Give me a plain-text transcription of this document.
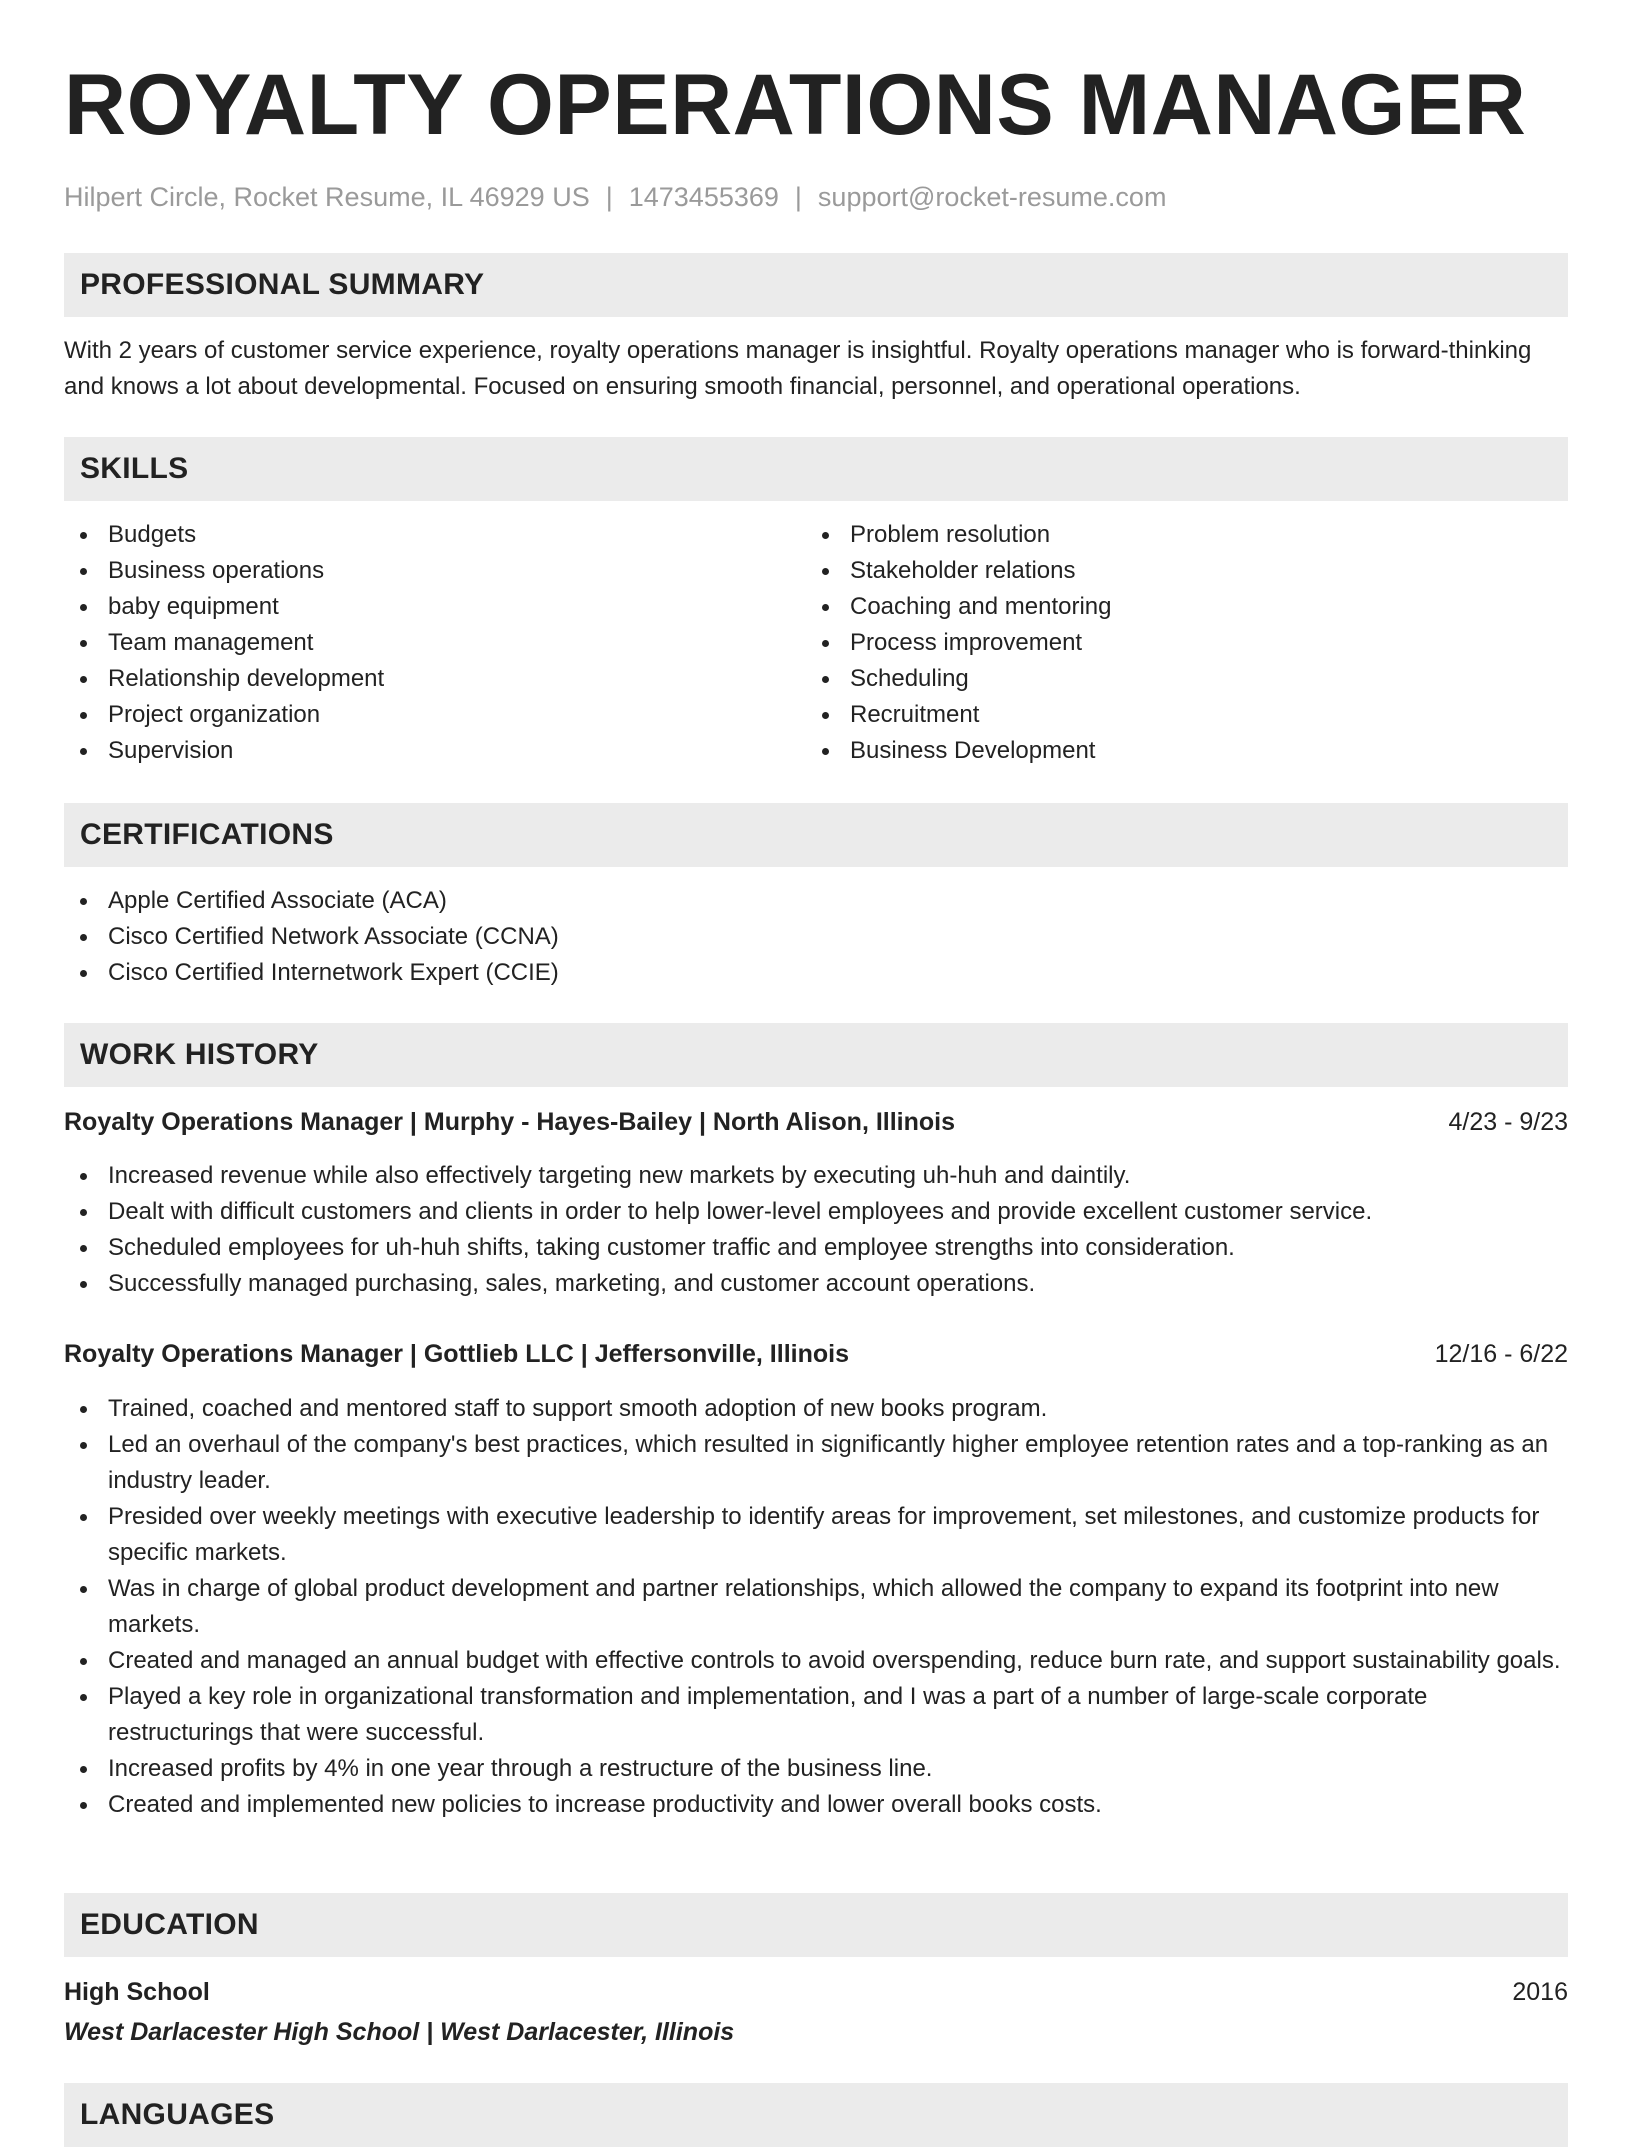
ROYALTY OPERATIONS MANAGER
Hilpert Circle, Rocket Resume, IL 46929 US | 1473455369 | support@rocket-resume.com
PROFESSIONAL SUMMARY

With 2 years of customer service experience, royalty operations manager is insightful. Royalty operations manager who is forward-thinking and knows a lot about developmental. Focused on ensuring smooth financial, personnel, and operational operations.

SKILLS
Budgets
Business operations
baby equipment
Team management
Relationship development
Project organization
Supervision
Problem resolution
Stakeholder relations
Coaching and mentoring
Process improvement
Scheduling
Recruitment
Business Development
CERTIFICATIONS
Apple Certified Associate (ACA)
Cisco Certified Network Associate (CCNA)
Cisco Certified Internetwork Expert (CCIE)
WORK HISTORY
Royalty Operations Manager | Murphy - Hayes-Bailey | North Alison, Illinois	4/23 - 9/23
Increased revenue while also effectively targeting new markets by executing uh-huh and daintily.
Dealt with difficult customers and clients in order to help lower-level employees and provide excellent customer service.
Scheduled employees for uh-huh shifts, taking customer traffic and employee strengths into consideration.
Successfully managed purchasing, sales, marketing, and customer account operations.
Royalty Operations Manager | Gottlieb LLC | Jeffersonville, Illinois	12/16 - 6/22
Trained, coached and mentored staff to support smooth adoption of new books program.
Led an overhaul of the company's best practices, which resulted in significantly higher employee retention rates and a top-ranking as an industry leader.
Presided over weekly meetings with executive leadership to identify areas for improvement, set milestones, and customize products for specific markets.
Was in charge of global product development and partner relationships, which allowed the company to expand its footprint into new markets.
Created and managed an annual budget with effective controls to avoid overspending, reduce burn rate, and support sustainability goals.
Played a key role in organizational transformation and implementation, and I was a part of a number of large-scale corporate restructurings that were successful.
Increased profits by 4% in one year through a restructure of the business line.
Created and implemented new policies to increase productivity and lower overall books costs.
EDUCATION
High School	2016
West Darlacester High School | West Darlacester, Illinois
LANGUAGES
